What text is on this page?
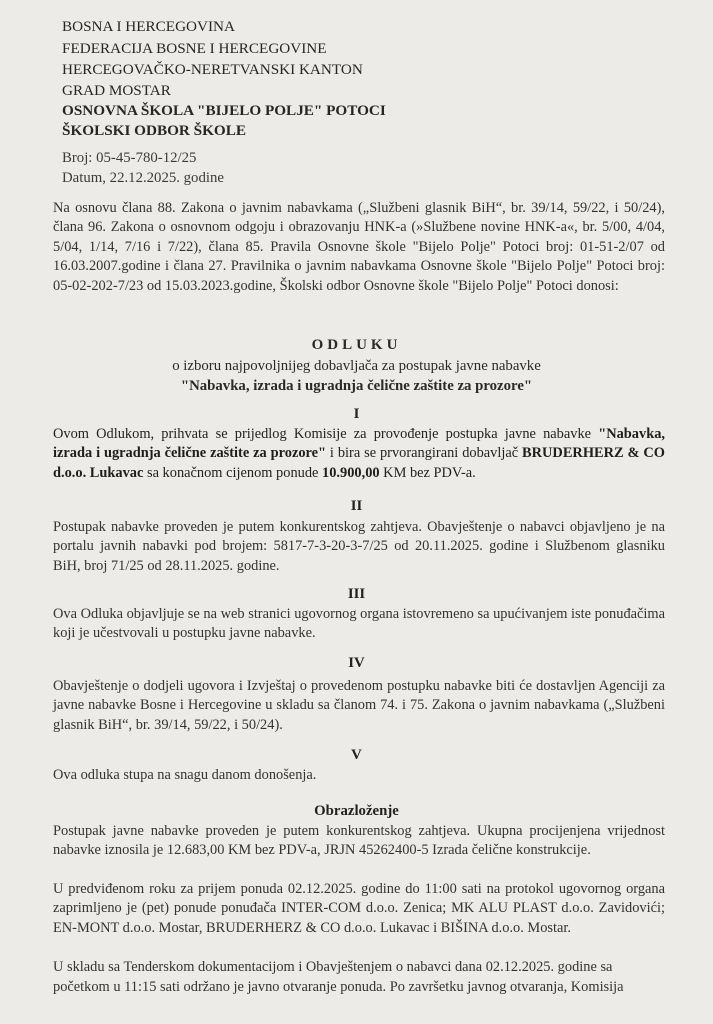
BOSNA I HERCEGOVINA
FEDERACIJA BOSNE I HERCEGOVINE
HERCEGOVAČKO-NERETVANSKI KANTON
GRAD MOSTAR
OSNOVNA ŠKOLA "BIJELO POLJE" POTOCI
ŠKOLSKI ODBOR ŠKOLE
Broj: 05-45-780-12/25
Datum, 22.12.2025. godine
Na osnovu člana 88. Zakona o javnim nabavkama („Službeni glasnik BiH“, br. 39/14, 59/22, i 50/24), člana 96. Zakona o osnovnom odgoju i obrazovanju HNK-a (»Službene novine HNK-a«, br. 5/00, 4/04, 5/04, 1/14, 7/16 i 7/22), člana 85. Pravila Osnovne škole "Bijelo Polje" Potoci broj: 01-51-2/07 od 16.03.2007.godine i člana 27. Pravilnika o javnim nabavkama Osnovne škole "Bijelo Polje" Potoci broj: 05-02-202-7/23 od 15.03.2023.godine, Školski odbor Osnovne škole "Bijelo Polje" Potoci donosi:
ODLUKU
o izboru najpovoljnijeg dobavljača za postupak javne nabavke
"Nabavka, izrada i ugradnja čelične zaštite za prozore"
I
Ovom Odlukom, prihvata se prijedlog Komisije za provođenje postupka javne nabavke "Nabavka, izrada i ugradnja čelične zaštite za prozore" i bira se prvorangirani dobavljač BRUDERHERZ & CO d.o.o. Lukavac sa konačnom cijenom ponude 10.900,00 KM bez PDV-a.
II
Postupak nabavke proveden je putem konkurentskog zahtjeva. Obavještenje o nabavci objavljeno je na portalu javnih nabavki pod brojem: 5817-7-3-20-3-7/25 od 20.11.2025. godine i Službenom glasniku BiH, broj 71/25 od 28.11.2025. godine.
III
Ova Odluka objavljuje se na web stranici ugovornog organa istovremeno sa upućivanjem iste ponuđačima koji je učestvovali u postupku javne nabavke.
IV
Obavještenje o dodjeli ugovora i Izvještaj o provedenom postupku nabavke biti će dostavljen Agenciji za javne nabavke Bosne i Hercegovine u skladu sa članom 74. i 75. Zakona o javnim nabavkama („Službeni glasnik BiH“, br. 39/14, 59/22, i 50/24).
V
Ova odluka stupa na snagu danom donošenja.
Obrazloženje
Postupak javne nabavke proveden je putem konkurentskog zahtjeva. Ukupna procijenjena vrijednost nabavke iznosila je 12.683,00 KM bez PDV-a, JRJN 45262400-5 Izrada čelične konstrukcije.
U predviđenom roku za prijem ponuda 02.12.2025. godine do 11:00 sati na protokol ugovornog organa zaprimljeno je (pet) ponude ponuđača INTER-COM d.o.o. Zenica; MK ALU PLAST d.o.o. Zavidovići; EN-MONT d.o.o. Mostar, BRUDERHERZ & CO d.o.o. Lukavac i BIŠINA d.o.o. Mostar.
U skladu sa Tenderskom dokumentacijom i Obavještenjem o nabavci dana 02.12.2025. godine sa
početkom u 11:15 sati održano je javno otvaranje ponuda. Po završetku javnog otvaranja, Komisija
